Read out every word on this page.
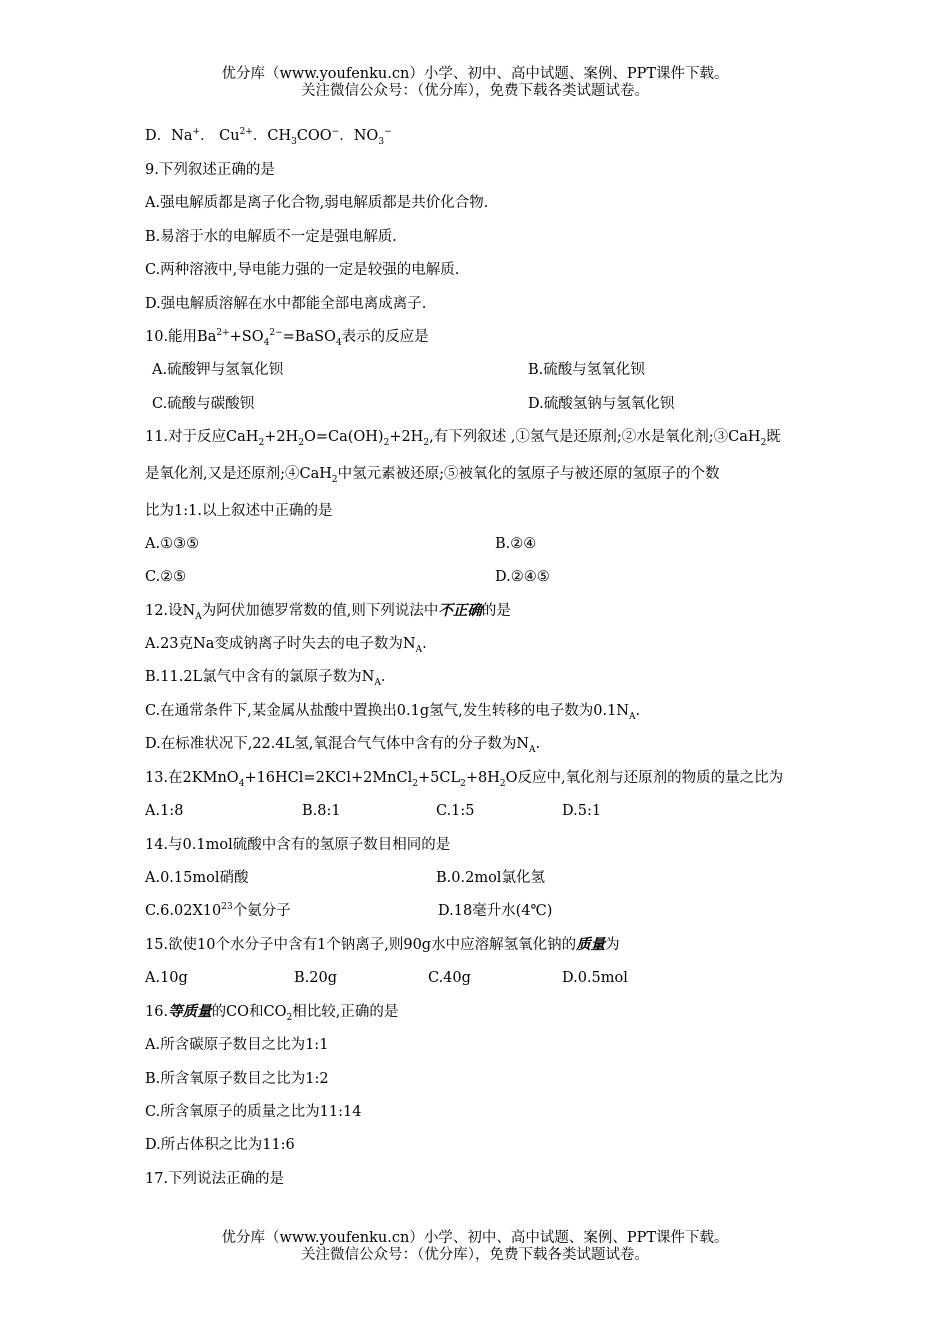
优分库（www.youfenku.cn）小学、初中、高中试题、案例、PPT课件下载。
关注微信公众号：（优分库），免费下载各类试题试卷。
D．Na+． $Cu^{2+}$．$CH_3COO^-$．$NO_3^-$
9.下列叙述正确的是
A.强电解质都是离子化合物,弱电解质都是共价化合物.
B.易溶于水的电解质不一定是强电解质.
C.两种溶液中,导电能力强的一定是较强的电解质.
D.强电解质溶解在水中都能全部电离成离子.
10.能用$Ba^{2+}+SO_4^{2-}=BaSO_4$表示的反应是
A.硫酸钾与氢氧化钡	B.硫酸与氢氧化钡
C.硫酸与碳酸钡	D.硫酸氢钠与氢氧化钡
11.对于反应$CaH_2+2H_2O=Ca(OH)_2+2H_2$,有下列叙述 ,①氢气是还原剂;②水是氧化剂;③CaH$_2$既
是氧化剂,又是还原剂;④CaH$_2$中氢元素被还原;⑤被氧化的氢原子与被还原的氢原子的个数
比为1:1.以上叙述中正确的是
A.①③⑤	B.②④
C.②⑤	D.②④⑤
12.设$N_A$为阿伏加德罗常数的值,则下列说法中不正确的是
A.23克Na变成钠离子时失去的电子数为$N_A$.
B.11.2L氯气中含有的氯原子数为$N_A$.
C.在通常条件下,某金属从盐酸中置换出0.1g氢气,发生转移的电子数为$0.1N_A$.
D.在标准状况下,22.4L氢,氧混合气气体中含有的分子数为$N_A$.
13.在$2KMnO_4+16HCl=2KCl+2MnCl_2+5CL_2+8H_2O$反应中,氧化剂与还原剂的物质的量之比为
A.1:8	B.8:1	C.1:5	D.5:1
14.与0.1mol硫酸中含有的氢原子数目相同的是
A.0.15mol硝酸	B.0.2mol氯化氢
$C.6.02X10^{23}$个氨分子	D.18毫升水(4℃)
15.欲使10个水分子中含有1个钠离子,则90g水中应溶解氢氧化钠的质量为
A.10g	B.20g	C.40g	D.0.5mol
16.等质量的CO和$CO_2$相比较,正确的是
A.所含碳原子数目之比为1:1
B.所含氧原子数目之比为1:2
C.所含氧原子的质量之比为11:14
D.所占体积之比为11:6
17.下列说法正确的是
优分库（www.youfenku.cn）小学、初中、高中试题、案例、PPT课件下载。
关注微信公众号：（优分库），免费下载各类试题试卷。
